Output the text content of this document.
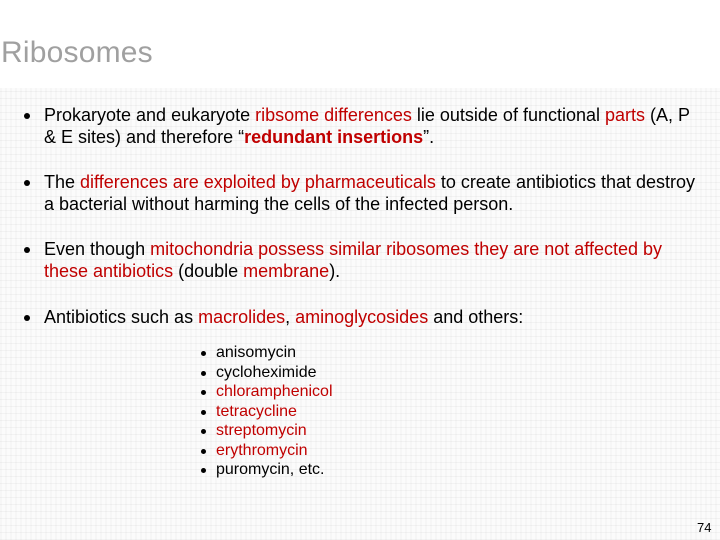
Ribosomes
Prokaryote and eukaryote ribsome differences lie outside of functional parts (A, P & E sites) and therefore “redundant insertions”.
The differences are exploited by pharmaceuticals to create antibiotics that destroy a bacterial without harming the cells of the infected person.
Even though mitochondria possess similar ribosomes they are not affected by these antibiotics (double membrane).
Antibiotics such as macrolides, aminoglycosides and others:
anisomycin
cycloheximide
chloramphenicol
tetracycline
streptomycin
erythromycin
puromycin, etc.
74
